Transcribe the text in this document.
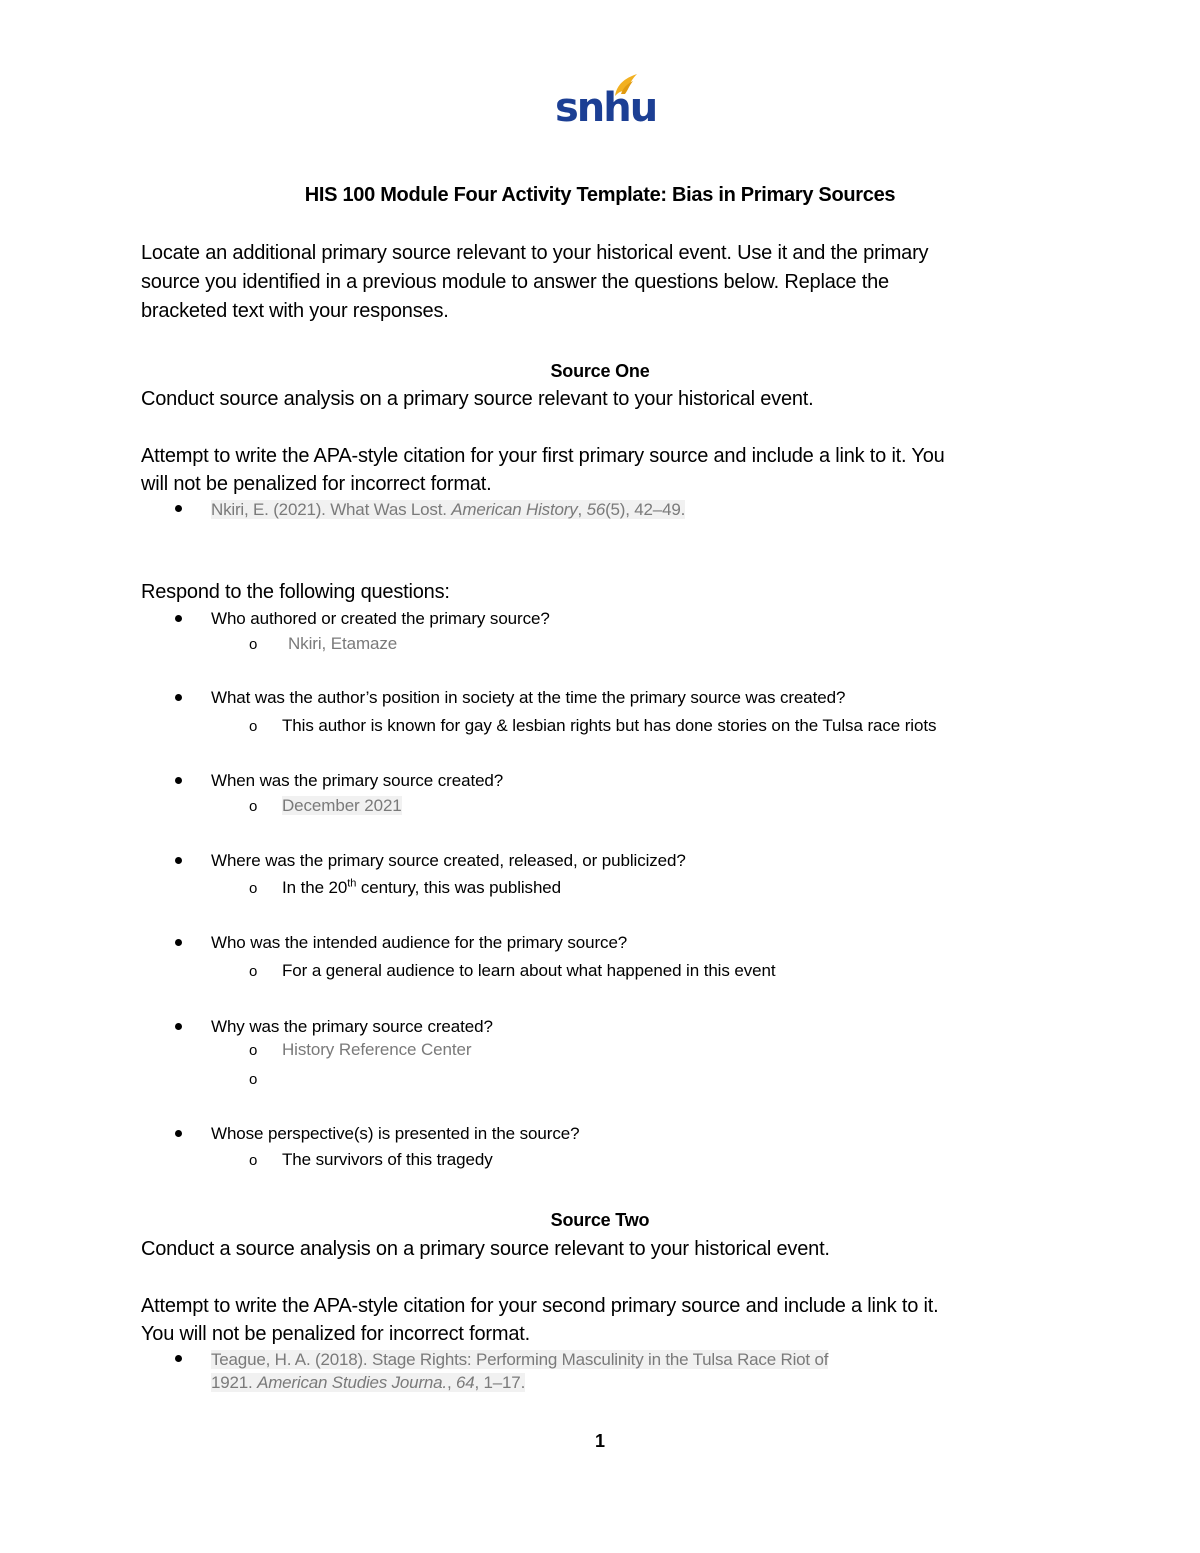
snhu
HIS 100 Module Four Activity Template: Bias in Primary Sources
Locate an additional primary source relevant to your historical event. Use it and the primary
source you identified in a previous module to answer the questions below. Replace the
bracketed text with your responses.
Source One
Conduct source analysis on a primary source relevant to your historical event.
Attempt to write the APA-style citation for your first primary source and include a link to it. You
will not be penalized for incorrect format.
Nkiri, E. (2021). What Was Lost. American History, 56(5), 42–49.
Respond to the following questions:
Who authored or created the primary source?
o Nkiri, Etamaze
What was the author’s position in society at the time the primary source was created?
o This author is known for gay & lesbian rights but has done stories on the Tulsa race riots
When was the primary source created?
o December 2021
Where was the primary source created, released, or publicized?
o In the 20th century, this was published
Who was the intended audience for the primary source?
o For a general audience to learn about what happened in this event
Why was the primary source created?
o History Reference Center
o
Whose perspective(s) is presented in the source?
o The survivors of this tragedy
Source Two
Conduct a source analysis on a primary source relevant to your historical event.
Attempt to write the APA-style citation for your second primary source and include a link to it.
You will not be penalized for incorrect format.
Teague, H. A. (2018). Stage Rights: Performing Masculinity in the Tulsa Race Riot of
1921. American Studies Journa., 64, 1–17.
1
